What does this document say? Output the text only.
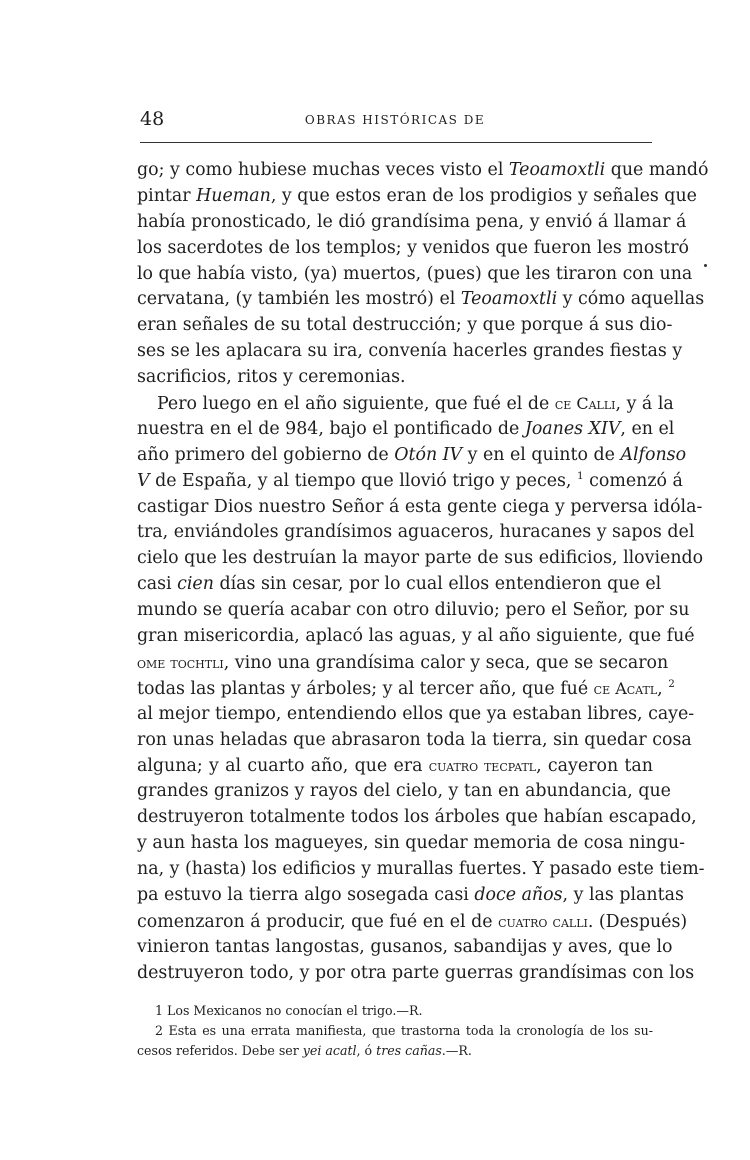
48	OBRAS HISTÓRICAS DE
go; y como hubiese muchas veces visto el Teoamoxtli que mandó
pintar Hueman, y que estos eran de los prodigios y señales que
había pronosticado, le dió grandísima pena, y envió á llamar á
los sacerdotes de los templos; y venidos que fueron les mostró
lo que había visto, (ya) muertos, (pues) que les tiraron con una
cervatana, (y también les mostró) el Teoamoxtli y cómo aquellas
eran señales de su total destrucción; y que porque á sus dio-
ses se les aplacara su ira, convenía hacerles grandes fiestas y
sacrificios, ritos y ceremonias.
Pero luego en el año siguiente, que fué el de ce Calli, y á la
nuestra en el de 984, bajo el pontificado de Joanes XIV, en el
año primero del gobierno de Otón IV y en el quinto de Alfonso
V de España, y al tiempo que llovió trigo y peces, $^1$ comenzó á
castigar Dios nuestro Señor á esta gente ciega y perversa idóla-
tra, enviándoles grandísimos aguaceros, huracanes y sapos del
cielo que les destruían la mayor parte de sus edificios, lloviendo
casi cien días sin cesar, por lo cual ellos entendieron que el
mundo se quería acabar con otro diluvio; pero el Señor, por su
gran misericordia, aplacó las aguas, y al año siguiente, que fué
ome tochtli, vino una grandísima calor y seca, que se secaron
todas las plantas y árboles; y al tercer año, que fué ce Acatl, $^2$
al mejor tiempo, entendiendo ellos que ya estaban libres, caye-
ron unas heladas que abrasaron toda la tierra, sin quedar cosa
alguna; y al cuarto año, que era cuatro tecpatl, cayeron tan
grandes granizos y rayos del cielo, y tan en abundancia, que
destruyeron totalmente todos los árboles que habían escapado,
y aun hasta los magueyes, sin quedar memoria de cosa ningu-
na, y (hasta) los edificios y murallas fuertes. Y pasado este tiem-
pa estuvo la tierra algo sosegada casi doce años, y las plantas
comenzaron á producir, que fué en el de cuatro calli. (Después)
vinieron tantas langostas, gusanos, sabandijas y aves, que lo
destruyeron todo, y por otra parte guerras grandísimas con los
1 Los Mexicanos no conocían el trigo.—R.
2 Esta es una errata manifiesta, que trastorna toda la cronología de los su-
cesos referidos. Debe ser yei acatl, ó tres cañas.—R.
